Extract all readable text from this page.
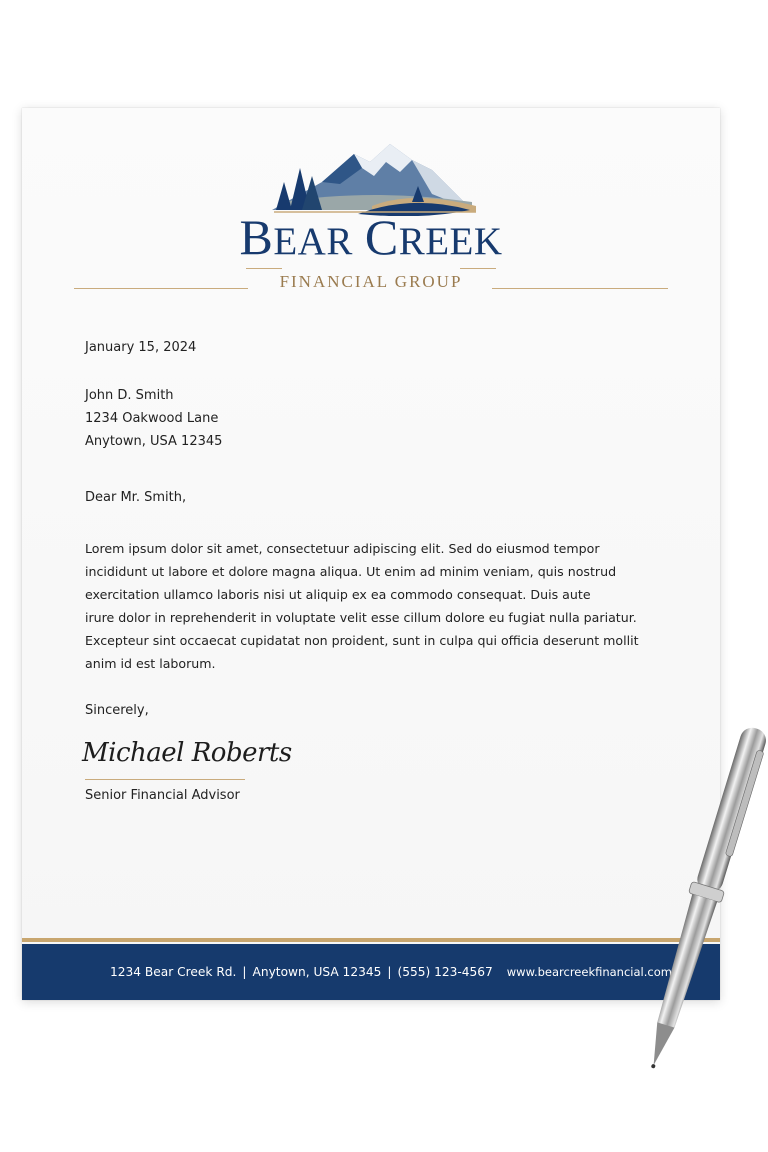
BEAR CREEK
FINANCIAL GROUP
January 15, 2024
John D. Smith
1234 Oakwood Lane
Anytown, USA 12345
Dear Mr. Smith,
Lorem ipsum dolor sit amet, consectetuur adipiscing elit. Sed do eiusmod tempor
incididunt ut labore et dolore magna aliqua. Ut enim ad minim veniam, quis nostrud
exercitation ullamco laboris nisi ut aliquip ex ea commodo consequat. Duis aute
irure dolor in reprehenderit in voluptate velit esse cillum dolore eu fugiat nulla pariatur.
Excepteur sint occaecat cupidatat non proident, sunt in culpa qui officia deserunt mollit
anim id est laborum.
Sincerely,
Michael Roberts
Senior Financial Advisor
1234 Bear Creek Rd. | Anytown, USA 12345 | (555) 123-4567 www.bearcreekfinancial.com
